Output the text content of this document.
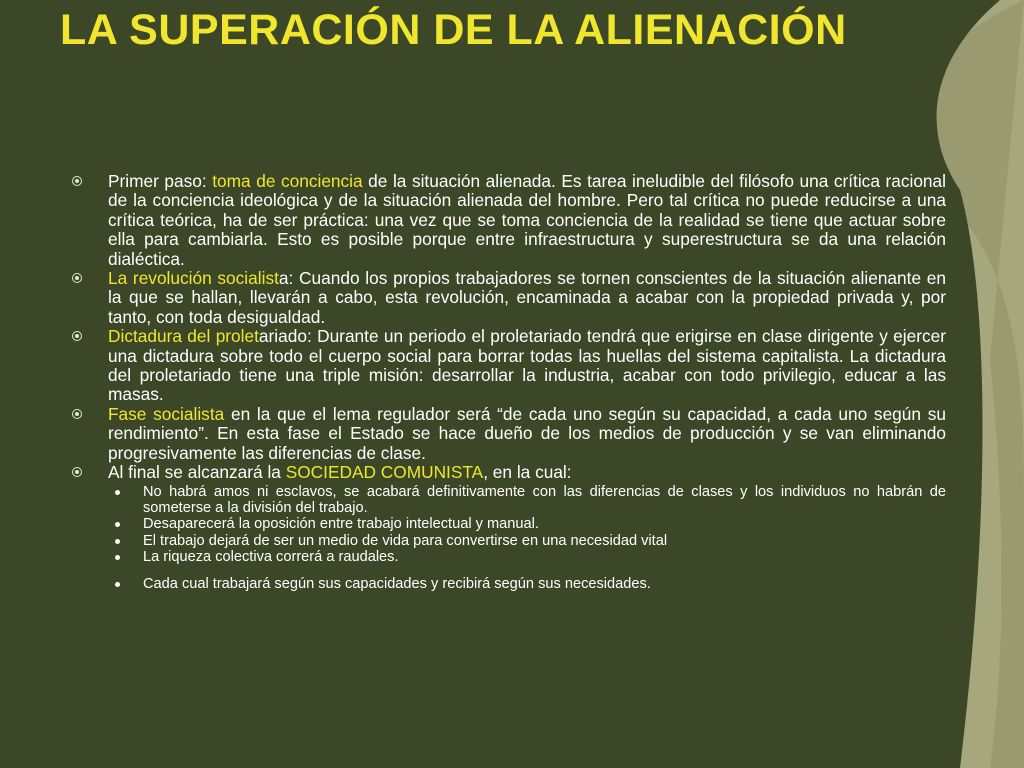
LA SUPERACIÓN DE LA ALIENACIÓN

Primer paso: toma de conciencia de la situación alienada. Es tarea ineludible del filósofo una crítica racional de la conciencia ideológica y de la situación alienada del hombre. Pero tal crítica no puede reducirse a una crítica teórica, ha de ser práctica: una vez que se toma conciencia de la realidad se tiene que actuar sobre ella para cambiarla. Esto es posible porque entre infraestructura y superestructura se da una relación dialéctica.

La revolución socialista: Cuando los propios trabajadores se tornen conscientes de la situación alienante en la que se hallan, llevarán a cabo, esta revolución, encaminada a acabar con la propiedad privada y, por tanto, con toda desigualdad.

Dictadura del proletariado: Durante un periodo el proletariado tendrá que erigirse en clase dirigente y ejercer una dictadura sobre todo el cuerpo social para borrar todas las huellas del sistema capitalista. La dictadura del proletariado tiene una triple misión: desarrollar la industria, acabar con todo privilegio, educar a las masas.

Fase socialista en la que el lema regulador será “de cada uno según su capacidad, a cada uno según su rendimiento”. En esta fase el Estado se hace dueño de los medios de producción y se van eliminando progresivamente las diferencias de clase.

Al final se alcanzará la SOCIEDAD COMUNISTA, en la cual:

No habrá amos ni esclavos, se acabará definitivamente con las diferencias de clases y los individuos no habrán de someterse a la división del trabajo.

Desaparecerá la oposición entre trabajo intelectual y manual.

El trabajo dejará de ser un medio de vida para convertirse en una necesidad vital

La riqueza colectiva correrá a raudales.

Cada cual trabajará según sus capacidades y recibirá según sus necesidades.
